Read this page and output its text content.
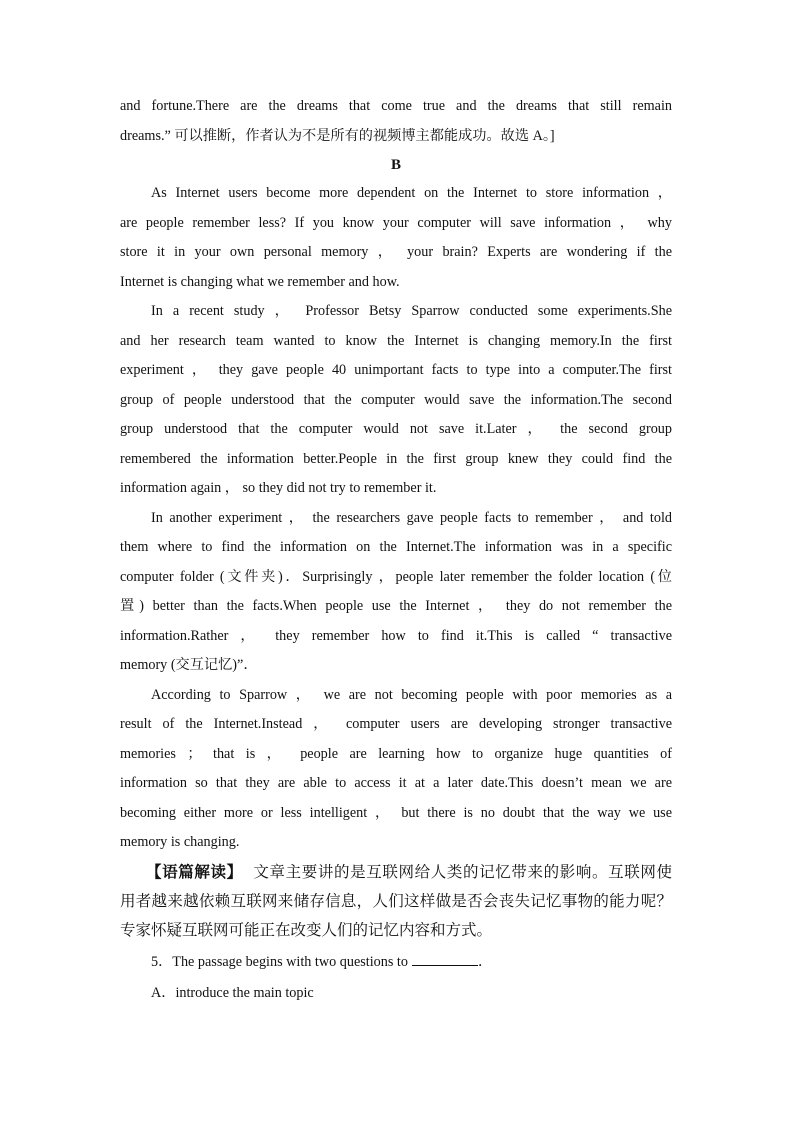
and fortune.There are the dreams that come true and the dreams that still remain
dreams.” 可以推断，作者认为不是所有的视频博主都能成功。故选 A。]
B
As Internet users become more dependent on the Internet to store information ，
are people remember less? If you know your computer will save information ， why
store it in your own personal memory ， your brain? Experts are wondering if the
Internet is changing what we remember and how.
In a recent study ， Professor Betsy Sparrow conducted some experiments.She
and her research team wanted to know the Internet is changing memory.In the first
experiment ， they gave people 40 unimportant facts to type into a computer.The first
group of people understood that the computer would save the information.The second
group understood that the computer would not save it.Later ， the second group
remembered the information better.People in the first group knew they could find the
information again ， so they did not try to remember it.
In another experiment ， the researchers gave people facts to remember ， and told
them where to find the information on the Internet.The information was in a specific
computer folder (文件夹)．Surprisingly ，people later remember the folder location (位
置) better than the facts.When people use the Internet ， they do not remember the
information.Rather ， they remember how to find it.This is called “ transactive
memory (交互记忆)”．
According to Sparrow ， we are not becoming people with poor memories as a
result of the Internet.Instead ， computer users are developing stronger transactive
memories ； that is ， people are learning how to organize huge quantities of
information so that they are able to access it at a later date.This doesn’t mean we are
becoming either more or less intelligent ， but there is no doubt that the way we use
memory is changing.
【语篇解读】 文章主要讲的是互联网给人类的记忆带来的影响。互联网使
用者越来越依赖互联网来储存信息，人们这样做是否会丧失记忆事物的能力呢？
专家怀疑互联网可能正在改变人们的记忆内容和方式。
5．The passage begins with two questions to	．
A．introduce the main topic
